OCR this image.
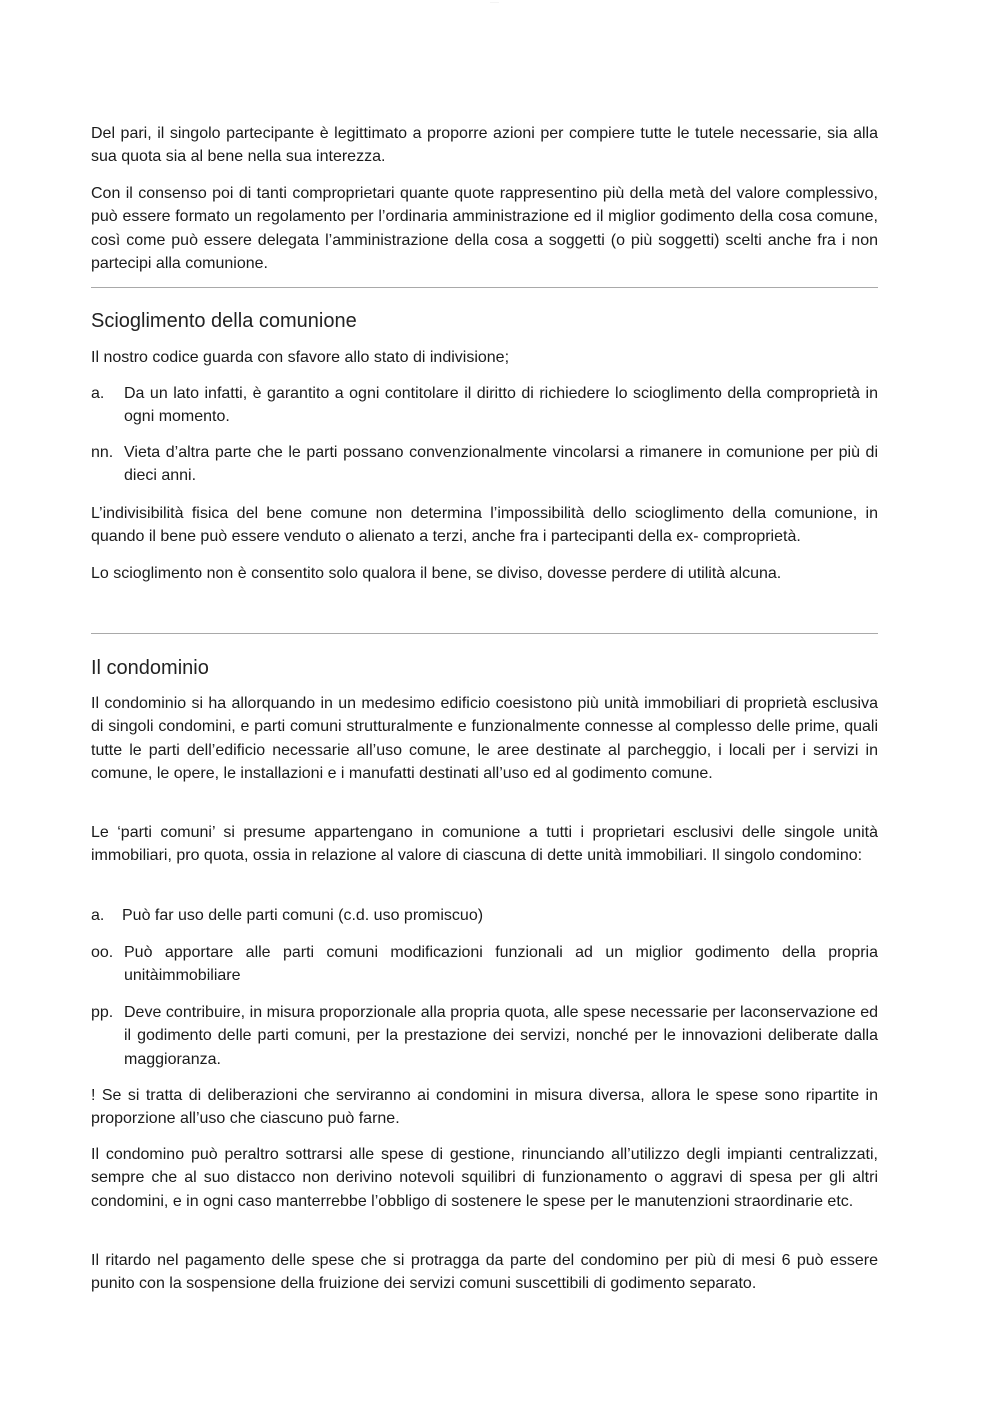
———

Del pari, il singolo partecipante è legittimato a proporre azioni per compiere tutte le tutele necessarie, sia alla sua quota sia al bene nella sua interezza.

Con il consenso poi di tanti comproprietari quante quote rappresentino più della metà del valore complessivo, può essere formato un regolamento per l’ordinaria amministrazione ed il miglior godimento della cosa comune, così come può essere delegata l’amministrazione della cosa a soggetti (o più soggetti) scelti anche fra i non partecipi alla comunione.

Scioglimento della comunione

Il nostro codice guarda con sfavore allo stato di indivisione;

a. Da un lato infatti, è garantito a ogni contitolare il diritto di richiedere lo scioglimento della comproprietà in ogni momento.
nn. Vieta d’altra parte che le parti possano convenzionalmente vincolarsi a rimanere in comunione per più di dieci anni.

L’indivisibilità fisica del bene comune non determina l’impossibilità dello scioglimento della comunione, in quando il bene può essere venduto o alienato a terzi, anche fra i partecipanti della ex- comproprietà.

Lo scioglimento non è consentito solo qualora il bene, se diviso, dovesse perdere di utilità alcuna.

Il condominio

Il condominio si ha allorquando in un medesimo edificio coesistono più unità immobiliari di proprietà esclusiva di singoli condomini, e parti comuni strutturalmente e funzionalmente connesse al complesso delle prime, quali tutte le parti dell’edificio necessarie all’uso comune, le aree destinate al parcheggio, i locali per i servizi in comune, le opere, le installazioni e i manufatti destinati all’uso ed al godimento comune.

Le ‘parti comuni’ si presume appartengano in comunione a tutti i proprietari esclusivi delle singole unità immobiliari, pro quota, ossia in relazione al valore di ciascuna di dette unità immobiliari. Il singolo condomino:

a. Può far uso delle parti comuni (c.d. uso promiscuo)
oo. Può apportare alle parti comuni modificazioni funzionali ad un miglior godimento della propria unitàimmobiliare
pp. Deve contribuire, in misura proporzionale alla propria quota, alle spese necessarie per laconservazione ed il godimento delle parti comuni, per la prestazione dei servizi, nonché per le innovazioni deliberate dalla maggioranza.

! Se si tratta di deliberazioni che serviranno ai condomini in misura diversa, allora le spese sono ripartite in proporzione all’uso che ciascuno può farne.

Il condomino può peraltro sottrarsi alle spese di gestione, rinunciando all’utilizzo degli impianti centralizzati, sempre che al suo distacco non derivino notevoli squilibri di funzionamento o aggravi di spesa per gli altri condomini, e in ogni caso manterrebbe l’obbligo di sostenere le spese per le manutenzioni straordinarie etc.

Il ritardo nel pagamento delle spese che si protragga da parte del condomino per più di mesi 6 può essere punito con la sospensione della fruizione dei servizi comuni suscettibili di godimento separato.
